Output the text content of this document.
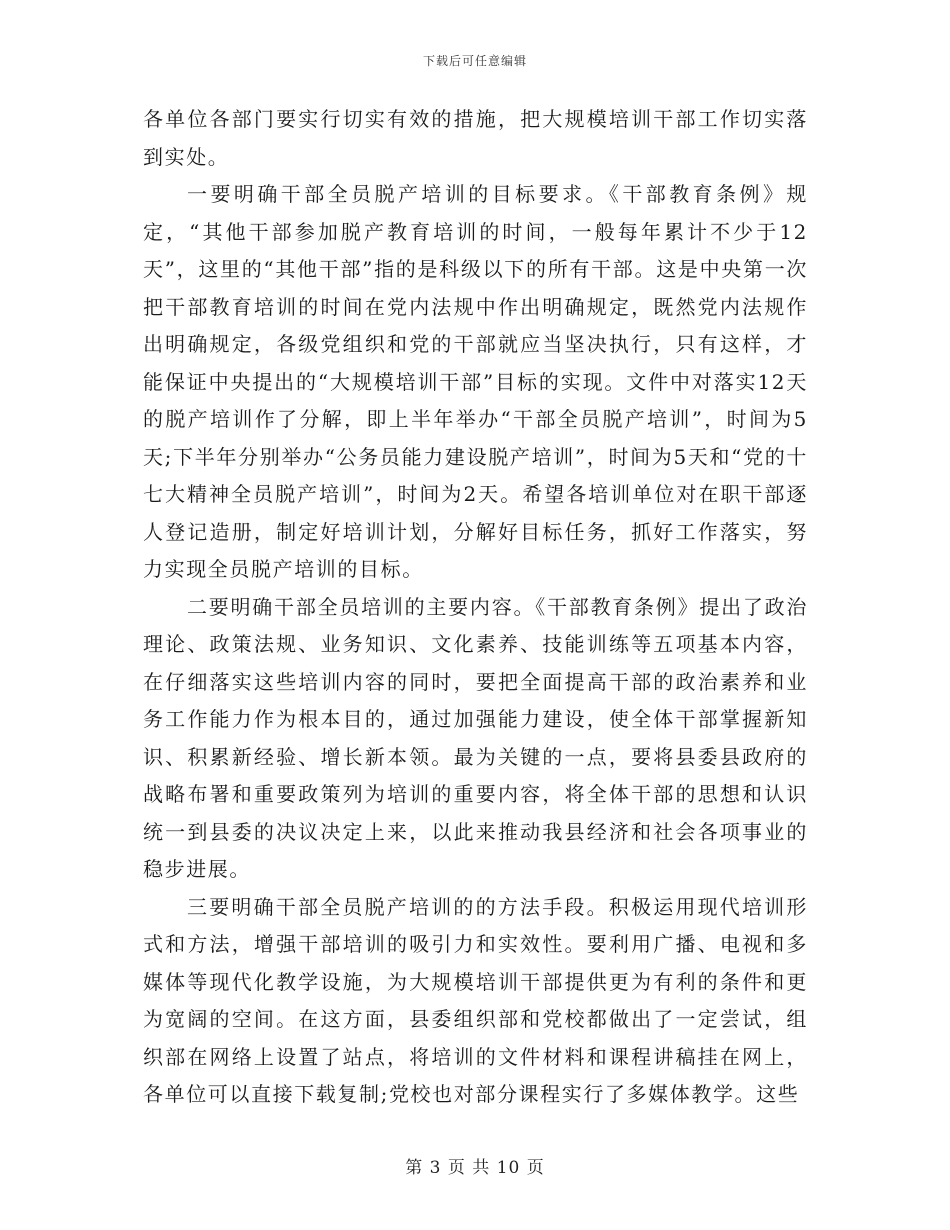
下载后可任意编辑

各单位各部门要实行切实有效的措施，把大规模培训干部工作切实落到实处。

一要明确干部全员脱产培训的目标要求。《干部教育条例》规定，“其他干部参加脱产教育培训的时间，一般每年累计不少于12天”，这里的“其他干部”指的是科级以下的所有干部。这是中央第一次把干部教育培训的时间在党内法规中作出明确规定，既然党内法规作出明确规定，各级党组织和党的干部就应当坚决执行，只有这样，才能保证中央提出的“大规模培训干部”目标的实现。文件中对落实12天的脱产培训作了分解，即上半年举办“干部全员脱产培训”，时间为5天;下半年分别举办“公务员能力建设脱产培训”，时间为5天和“党的十七大精神全员脱产培训”，时间为2天。希望各培训单位对在职干部逐人登记造册，制定好培训计划，分解好目标任务，抓好工作落实，努力实现全员脱产培训的目标。

二要明确干部全员培训的主要内容。《干部教育条例》提出了政治理论、政策法规、业务知识、文化素养、技能训练等五项基本内容，在仔细落实这些培训内容的同时，要把全面提高干部的政治素养和业务工作能力作为根本目的，通过加强能力建设，使全体干部掌握新知识、积累新经验、增长新本领。最为关键的一点，要将县委县政府的战略布署和重要政策列为培训的重要内容，将全体干部的思想和认识统一到县委的决议决定上来，以此来推动我县经济和社会各项事业的稳步进展。

三要明确干部全员脱产培训的的方法手段。积极运用现代培训形式和方法，增强干部培训的吸引力和实效性。要利用广播、电视和多媒体等现代化教学设施，为大规模培训干部提供更为有利的条件和更为宽阔的空间。在这方面，县委组织部和党校都做出了一定尝试，组织部在网络上设置了站点，将培训的文件材料和课程讲稿挂在网上，各单位可以直接下载复制;党校也对部分课程实行了多媒体教学。这些

第 3 页 共 10 页
